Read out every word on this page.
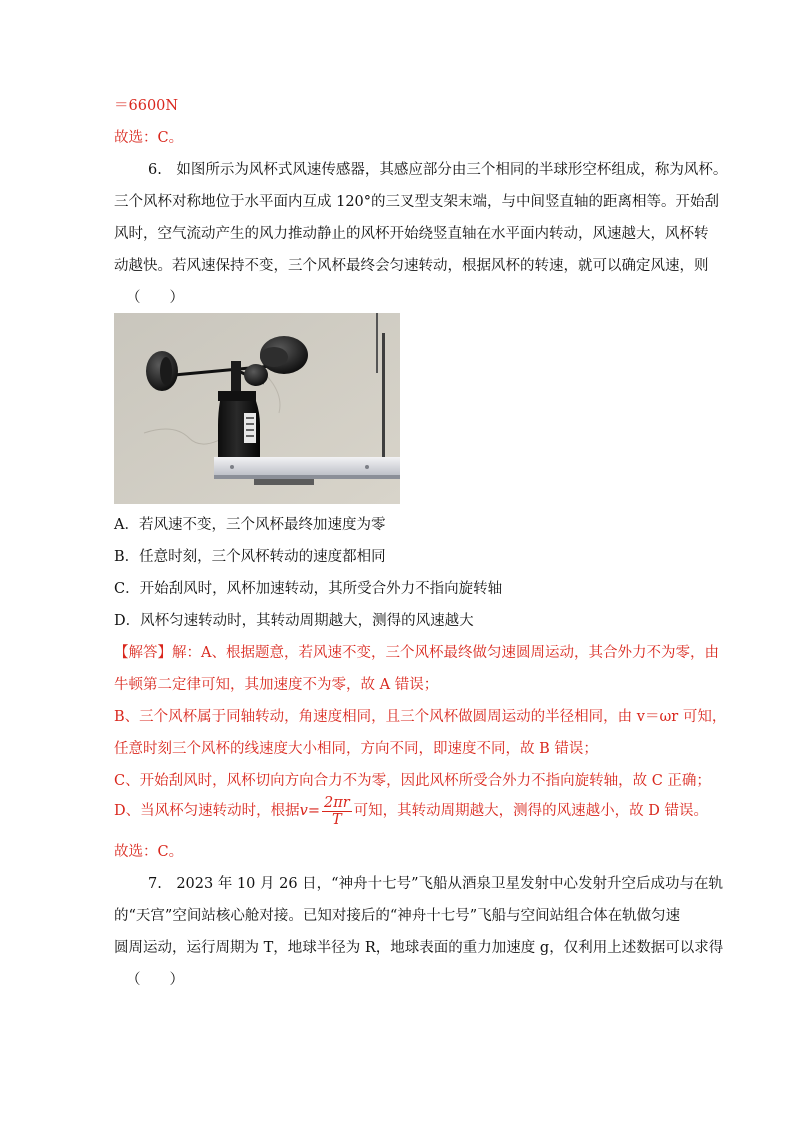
＝6600N
故选：C。
6.　如图所示为风杯式风速传感器，其感应部分由三个相同的半球形空杯组成，称为风杯。
三个风杯对称地位于水平面内互成 120°的三叉型支架末端，与中间竖直轴的距离相等。开始刮
风时，空气流动产生的风力推动静止的风杯开始绕竖直轴在水平面内转动，风速越大，风杯转
动越快。若风速保持不变，三个风杯最终会匀速转动，根据风杯的转速，就可以确定风速，则
（　　）
A．若风速不变，三个风杯最终加速度为零
B．任意时刻，三个风杯转动的速度都相同
C．开始刮风时，风杯加速转动，其所受合外力不指向旋转轴
D．风杯匀速转动时，其转动周期越大，测得的风速越大
【解答】解：A、根据题意，若风速不变，三个风杯最终做匀速圆周运动，其合外力不为零，由
牛顿第二定律可知，其加速度不为零，故 A 错误；
B、三个风杯属于同轴转动，角速度相同，且三个风杯做圆周运动的半径相同，由 v＝ωr 可知，
任意时刻三个风杯的线速度大小相同，方向不同，即速度不同，故 B 错误；
C、开始刮风时，风杯切向方向合力不为零，因此风杯所受合外力不指向旋转轴，故 C 正确；
D、当风杯匀速转动时，根据$v= \frac{2\pi r}{T}$ 可知，其转动周期越大，测得的风速越小，故 D 错误。
故选：C。
7.　2023 年 10 月 26 日，“神舟十七号”飞船从酒泉卫星发射中心发射升空后成功与在轨
的“天宫”空间站核心舱对接。已知对接后的“神舟十七号”飞船与空间站组合体在轨做匀速
圆周运动，运行周期为 T，地球半径为 R，地球表面的重力加速度 g，仅利用上述数据可以求得
（　　）
